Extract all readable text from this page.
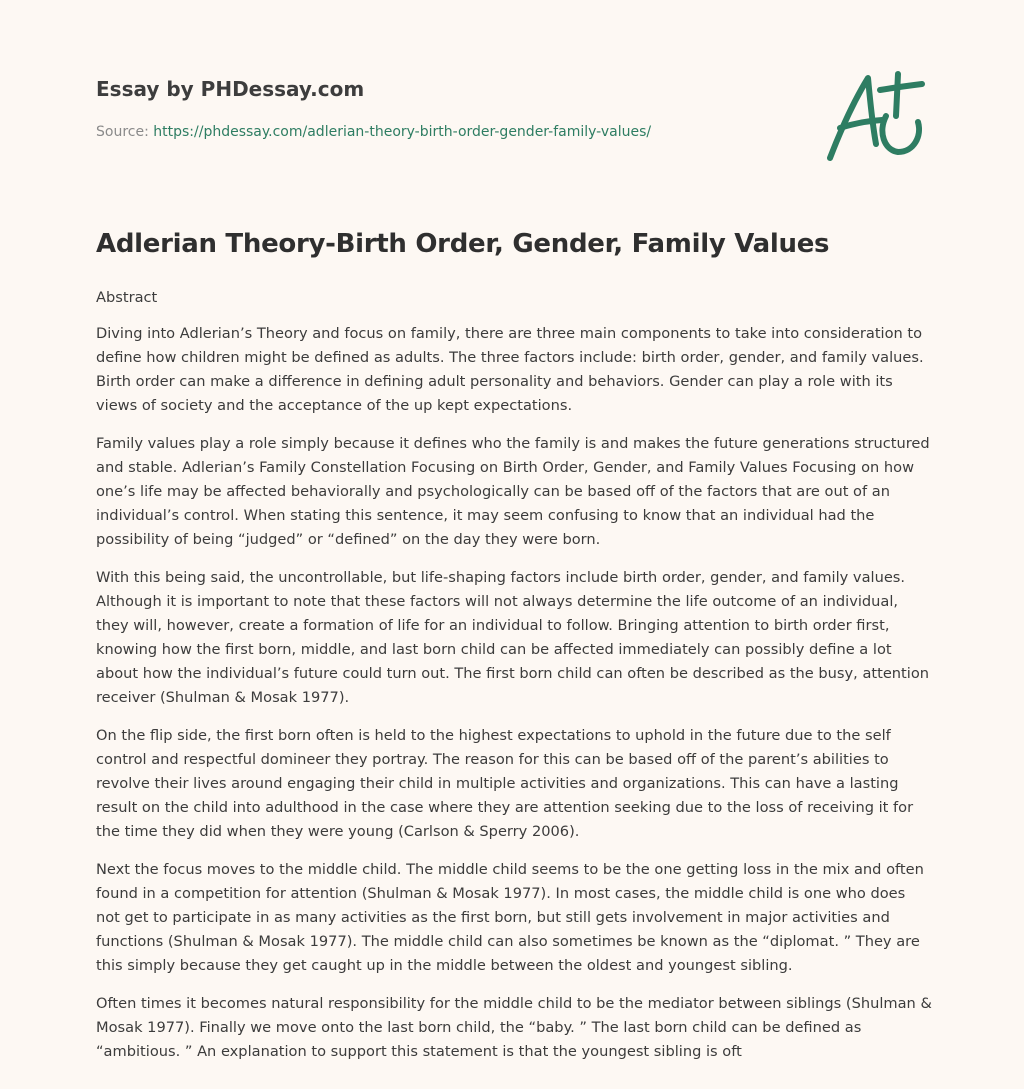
Essay by PHDessay.com
Source: https://phdessay.com/adlerian-theory-birth-order-gender-family-values/
Adlerian Theory-Birth Order, Gender, Family Values

Abstract

Diving into Adlerian’s Theory and focus on family, there are three main components to take into consideration to define how children might be defined as adults. The three factors include: birth order, gender, and family values. Birth order can make a difference in defining adult personality and behaviors. Gender can play a role with its views of society and the acceptance of the up kept expectations.

Family values play a role simply because it defines who the family is and makes the future generations structured and stable. Adlerian’s Family Constellation Focusing on Birth Order, Gender, and Family Values Focusing on how one’s life may be affected behaviorally and psychologically can be based off of the factors that are out of an individual’s control. When stating this sentence, it may seem confusing to know that an individual had the possibility of being “judged” or “defined” on the day they were born.

With this being said, the uncontrollable, but life-shaping factors include birth order, gender, and family values. Although it is important to note that these factors will not always determine the life outcome of an individual, they will, however, create a formation of life for an individual to follow. Bringing attention to birth order first, knowing how the first born, middle, and last born child can be affected immediately can possibly define a lot about how the individual’s future could turn out. The first born child can often be described as the busy, attention receiver (Shulman & Mosak 1977).

On the flip side, the first born often is held to the highest expectations to uphold in the future due to the self control and respectful domineer they portray. The reason for this can be based off of the parent’s abilities to revolve their lives around engaging their child in multiple activities and organizations. This can have a lasting result on the child into adulthood in the case where they are attention seeking due to the loss of receiving it for the time they did when they were young (Carlson & Sperry 2006).

Next the focus moves to the middle child. The middle child seems to be the one getting loss in the mix and often found in a competition for attention (Shulman & Mosak 1977). In most cases, the middle child is one who does not get to participate in as many activities as the first born, but still gets involvement in major activities and functions (Shulman & Mosak 1977). The middle child can also sometimes be known as the “diplomat. ” They are this simply because they get caught up in the middle between the oldest and youngest sibling.

Often times it becomes natural responsibility for the middle child to be the mediator between siblings (Shulman & Mosak 1977). Finally we move onto the last born child, the “baby. ” The last born child can be defined as “ambitious. ” An explanation to support this statement is that the youngest sibling is oft
